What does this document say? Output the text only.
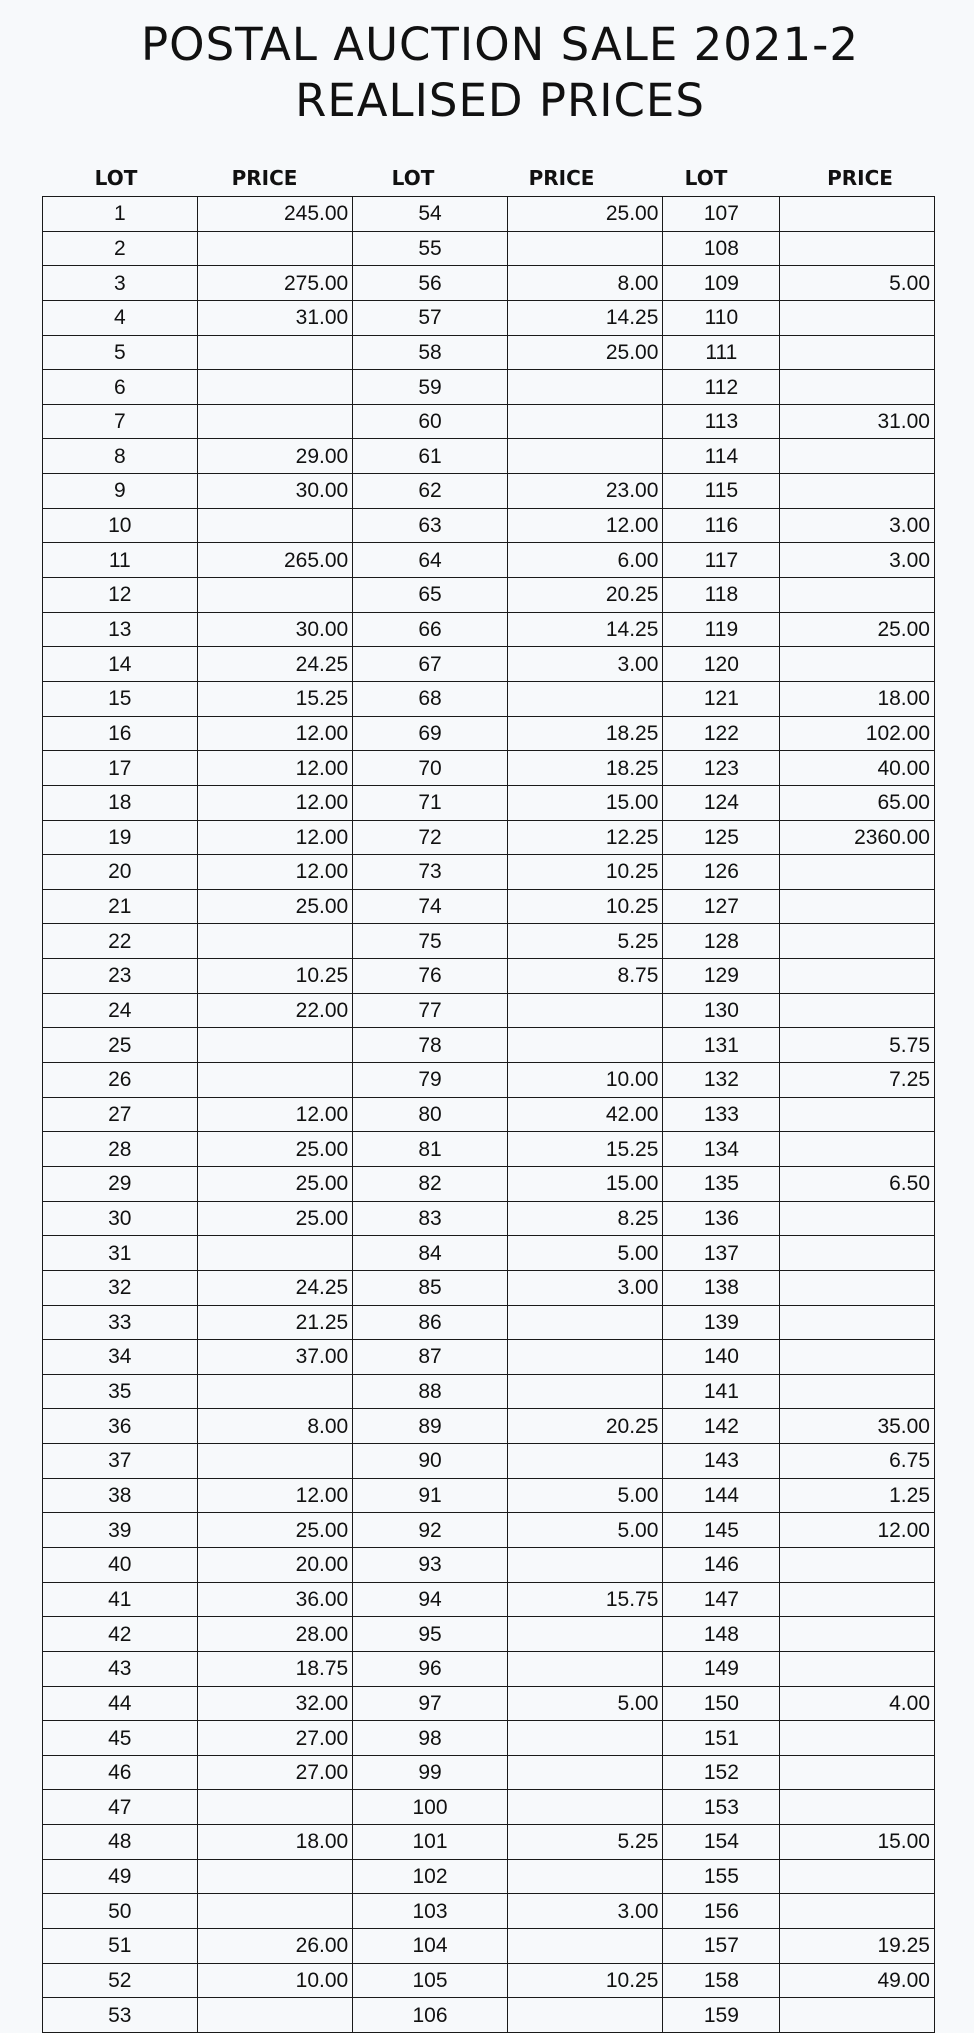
POSTAL AUCTION SALE 2021-2
REALISED PRICES
LOT	PRICE	LOT	PRICE	LOT	PRICE
1	245.00	54	25.00	107	
2		55		108	
3	275.00	56	8.00	109	5.00
4	31.00	57	14.25	110	
5		58	25.00	111	
6		59		112	
7		60		113	31.00
8	29.00	61		114	
9	30.00	62	23.00	115	
10		63	12.00	116	3.00
11	265.00	64	6.00	117	3.00
12		65	20.25	118	
13	30.00	66	14.25	119	25.00
14	24.25	67	3.00	120	
15	15.25	68		121	18.00
16	12.00	69	18.25	122	102.00
17	12.00	70	18.25	123	40.00
18	12.00	71	15.00	124	65.00
19	12.00	72	12.25	125	2360.00
20	12.00	73	10.25	126	
21	25.00	74	10.25	127	
22		75	5.25	128	
23	10.25	76	8.75	129	
24	22.00	77		130	
25		78		131	5.75
26		79	10.00	132	7.25
27	12.00	80	42.00	133	
28	25.00	81	15.25	134	
29	25.00	82	15.00	135	6.50
30	25.00	83	8.25	136	
31		84	5.00	137	
32	24.25	85	3.00	138	
33	21.25	86		139	
34	37.00	87		140	
35		88		141	
36	8.00	89	20.25	142	35.00
37		90		143	6.75
38	12.00	91	5.00	144	1.25
39	25.00	92	5.00	145	12.00
40	20.00	93		146	
41	36.00	94	15.75	147	
42	28.00	95		148	
43	18.75	96		149	
44	32.00	97	5.00	150	4.00
45	27.00	98		151	
46	27.00	99		152	
47		100		153	
48	18.00	101	5.25	154	15.00
49		102		155	
50		103	3.00	156	
51	26.00	104		157	19.25
52	10.00	105	10.25	158	49.00
53		106		159	
